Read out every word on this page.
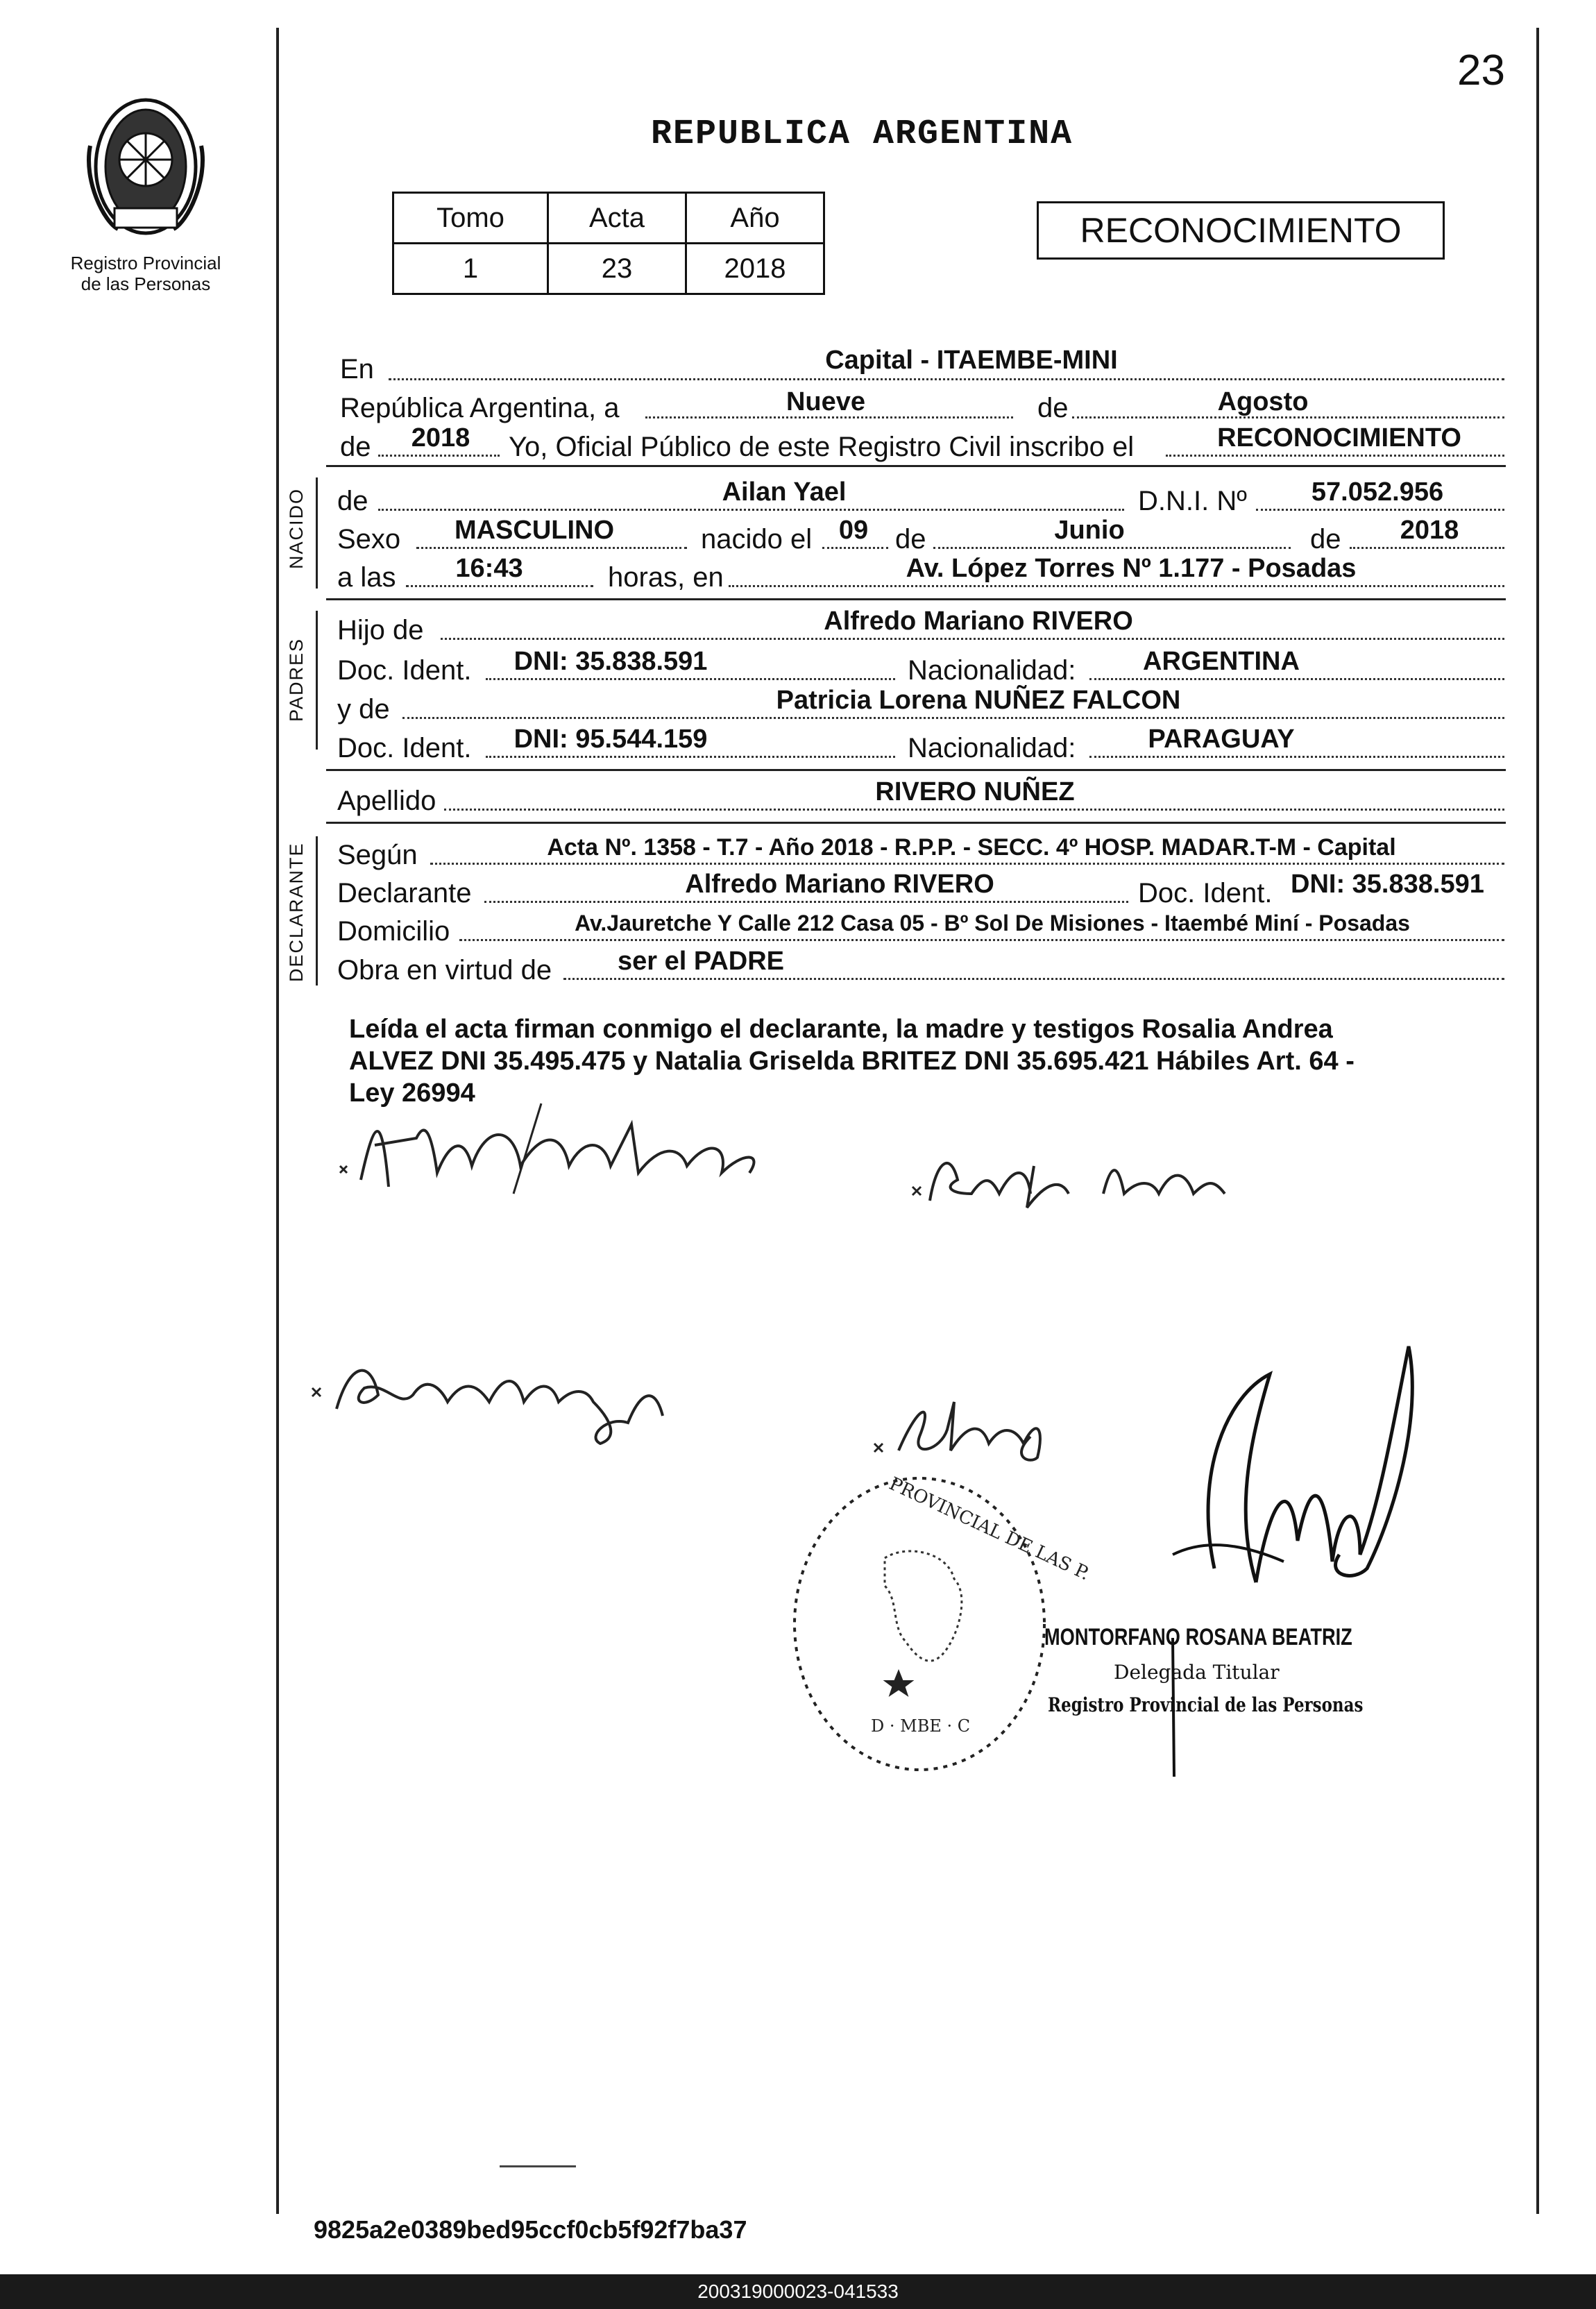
23
Registro Provincial
de las Personas
REPUBLICA ARGENTINA
Tomo	Acta	Año
1	23	2018
RECONOCIMIENTO
En	Capital - ITAEMBE-MINI
República Argentina, a	Nueve	de	Agosto
de	2018	Yo, Oficial Público de este Registro Civil inscribo el	RECONOCIMIENTO
NACIDO de	Ailan Yael	D.N.I. Nº	57.052.956
Sexo	MASCULINO	nacido el	09 de	Junio	de	2018
a las	16:43	horas, en	Av. López Torres Nº 1.177 - Posadas
PADRES
Hijo de	Alfredo Mariano RIVERO
Doc. Ident.	DNI: 35.838.591	Nacionalidad:	ARGENTINA
y de	Patricia Lorena NUÑEZ FALCON
Doc. Ident.	DNI: 95.544.159	Nacionalidad:	PARAGUAY
Apellido	RIVERO NUÑEZ
DECLARANTE Según	Acta Nº. 1358 - T.7 - Año 2018 - R.P.P. - SECC. 4º HOSP. MADAR.T-M - Capital
Declarante	Alfredo Mariano RIVERO	Doc. Ident. DNI: 35.838.591
Domicilio	Av.Jauretche Y Calle 212 Casa 05 - Bº Sol De Misiones - Itaembé Miní - Posadas
Obra en virtud de	ser el PADRE
Leída el acta firman conmigo el declarante, la madre y testigos Rosalia Andrea
ALVEZ DNI 35.495.475 y Natalia Griselda BRITEZ DNI 35.695.421 Hábiles Art. 64 -
Ley 26994
PROVINCIAL DE LAS P.
D · MBE · C
MONTORFANO ROSANA BEATRIZ
Delegada Titular
Registro Provincial de las Personas
9825a2e0389bed95ccf0cb5f92f7ba37
200319000023-041533
